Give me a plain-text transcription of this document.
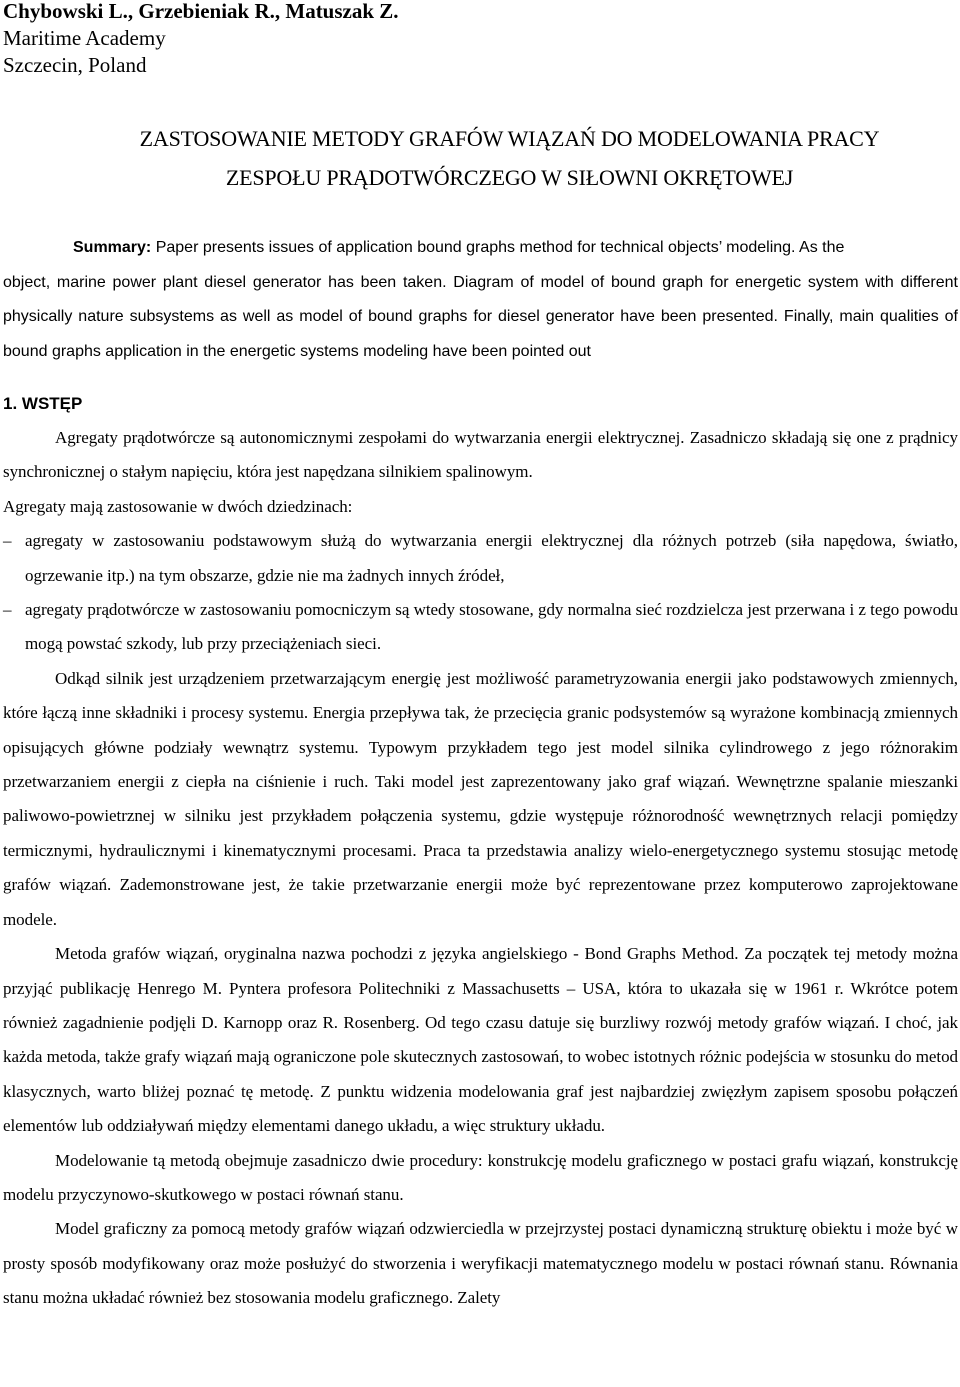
Chybowski L., Grzebieniak R., Matuszak Z.
Maritime Academy
Szczecin, Poland
ZASTOSOWANIE METODY GRAFÓW WIĄZAŃ DO MODELOWANIA PRACY
ZESPOŁU PRĄDOTWÓRCZEGO W SIŁOWNI OKRĘTOWEJ
Summary: Paper presents issues of application bound graphs method for technical objects’ modeling. As the
object, marine power plant diesel generator has been taken. Diagram of model of bound graph for energetic system with different physically nature subsystems as well as model of bound graphs for diesel generator have been presented. Finally, main qualities of bound graphs application in the energetic systems modeling have been pointed out
1. WSTĘP

Agregaty prądotwórcze są autonomicznymi zespołami do wytwarzania energii elektrycznej. Zasadniczo składają się one z prądnicy synchronicznej o stałym napięciu, która jest napędzana silnikiem spalinowym.

Agregaty mają zastosowanie w dwóch dziedzinach:

– agregaty w zastosowaniu podstawowym służą do wytwarzania energii elektrycznej dla różnych potrzeb (siła napędowa, światło, ogrzewanie itp.) na tym obszarze, gdzie nie ma żadnych innych źródeł,
– agregaty prądotwórcze w zastosowaniu pomocniczym są wtedy stosowane, gdy normalna sieć rozdzielcza jest przerwana i z tego powodu mogą powstać szkody, lub przy przeciążeniach sieci.

Odkąd silnik jest urządzeniem przetwarzającym energię jest możliwość parametryzowania energii jako podstawowych zmiennych, które łączą inne składniki i procesy systemu. Energia przepływa tak, że przecięcia granic podsystemów są wyrażone kombinacją zmiennych opisujących główne podziały wewnątrz systemu. Typowym przykładem tego jest model silnika cylindrowego z jego różnorakim przetwarzaniem energii z ciepła na ciśnienie i ruch. Taki model jest zaprezentowany jako graf wiązań. Wewnętrzne spalanie mieszanki paliwowo-powietrznej w silniku jest przykładem połączenia systemu, gdzie występuje różnorodność wewnętrznych relacji pomiędzy termicznymi, hydraulicznymi i kinematycznymi procesami. Praca ta przedstawia analizy wielo-energetycznego systemu stosując metodę grafów wiązań. Zademonstrowane jest, że takie przetwarzanie energii może być reprezentowane przez komputerowo zaprojektowane modele.

Metoda grafów wiązań, oryginalna nazwa pochodzi z języka angielskiego - Bond Graphs Method. Za początek tej metody można przyjąć publikację Henrego M. Pyntera profesora Politechniki z Massachusetts – USA, która to ukazała się w 1961 r. Wkrótce potem również zagadnienie podjęli D. Karnopp oraz R. Rosenberg. Od tego czasu datuje się burzliwy rozwój metody grafów wiązań. I choć, jak każda metoda, także grafy wiązań mają ograniczone pole skutecznych zastosowań, to wobec istotnych różnic podejścia w stosunku do metod klasycznych, warto bliżej poznać tę metodę. Z punktu widzenia modelowania graf jest najbardziej zwięzłym zapisem sposobu połączeń elementów lub oddziaływań między elementami danego układu, a więc struktury układu.

Modelowanie tą metodą obejmuje zasadniczo dwie procedury: konstrukcję modelu graficznego w postaci grafu wiązań, konstrukcję modelu przyczynowo-skutkowego w postaci równań stanu.

Model graficzny za pomocą metody grafów wiązań odzwierciedla w przejrzystej postaci dynamiczną strukturę obiektu i może być w prosty sposób modyfikowany oraz może posłużyć do stworzenia i weryfikacji matematycznego modelu w postaci równań stanu. Równania stanu można układać również bez stosowania modelu graficznego. Zalety
